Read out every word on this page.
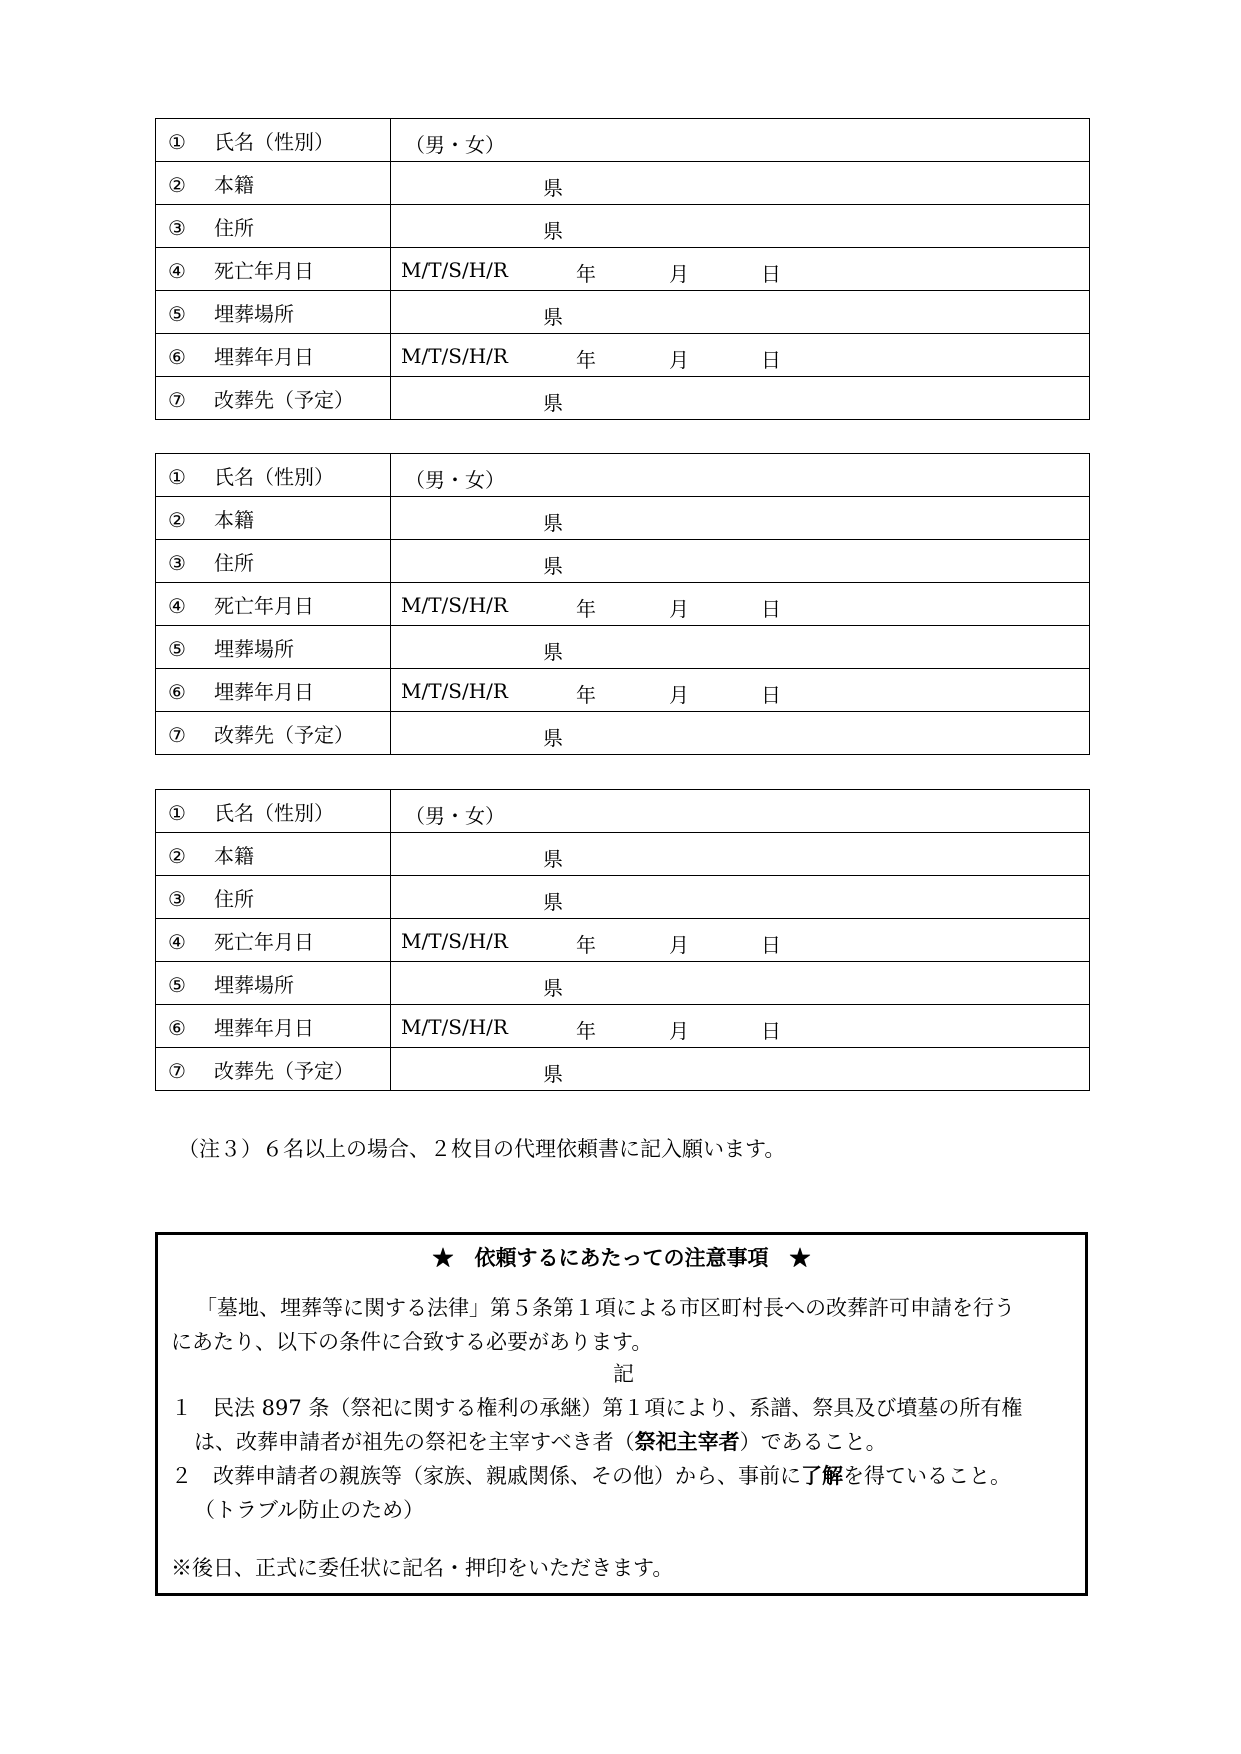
① 氏名（性別）	（男・女）

② 本籍	県

③ 住所	県

④ 死亡年月日	M/T/S/H/R 年 月 日

⑤ 埋葬場所	県

⑥ 埋葬年月日	M/T/S/H/R 年 月 日

⑦ 改葬先（予定）	県
① 氏名（性別）	（男・女）

② 本籍	県

③ 住所	県

④ 死亡年月日	M/T/S/H/R 年 月 日

⑤ 埋葬場所	県

⑥ 埋葬年月日	M/T/S/H/R 年 月 日

⑦ 改葬先（予定）	県
① 氏名（性別）	（男・女）

② 本籍	県

③ 住所	県

④ 死亡年月日	M/T/S/H/R 年 月 日

⑤ 埋葬場所	県

⑥ 埋葬年月日	M/T/S/H/R 年 月 日

⑦ 改葬先（予定）	県
（注３）６名以上の場合、２枚目の代理依頼書に記入願います。
★　依頼するにあたっての注意事項　★
「墓地、埋葬等に関する法律」第５条第１項による市区町村長への改葬許可申請を行う
にあたり、以下の条件に合致する必要があります。
記
１　民法 897 条（祭祀に関する権利の承継）第１項により、系譜、祭具及び墳墓の所有権
は、改葬申請者が祖先の祭祀を主宰すべき者（祭祀主宰者）であること。
２　改葬申請者の親族等（家族、親戚関係、その他）から、事前に了解を得ていること。
（トラブル防止のため）
※後日、正式に委任状に記名・押印をいただきます。
